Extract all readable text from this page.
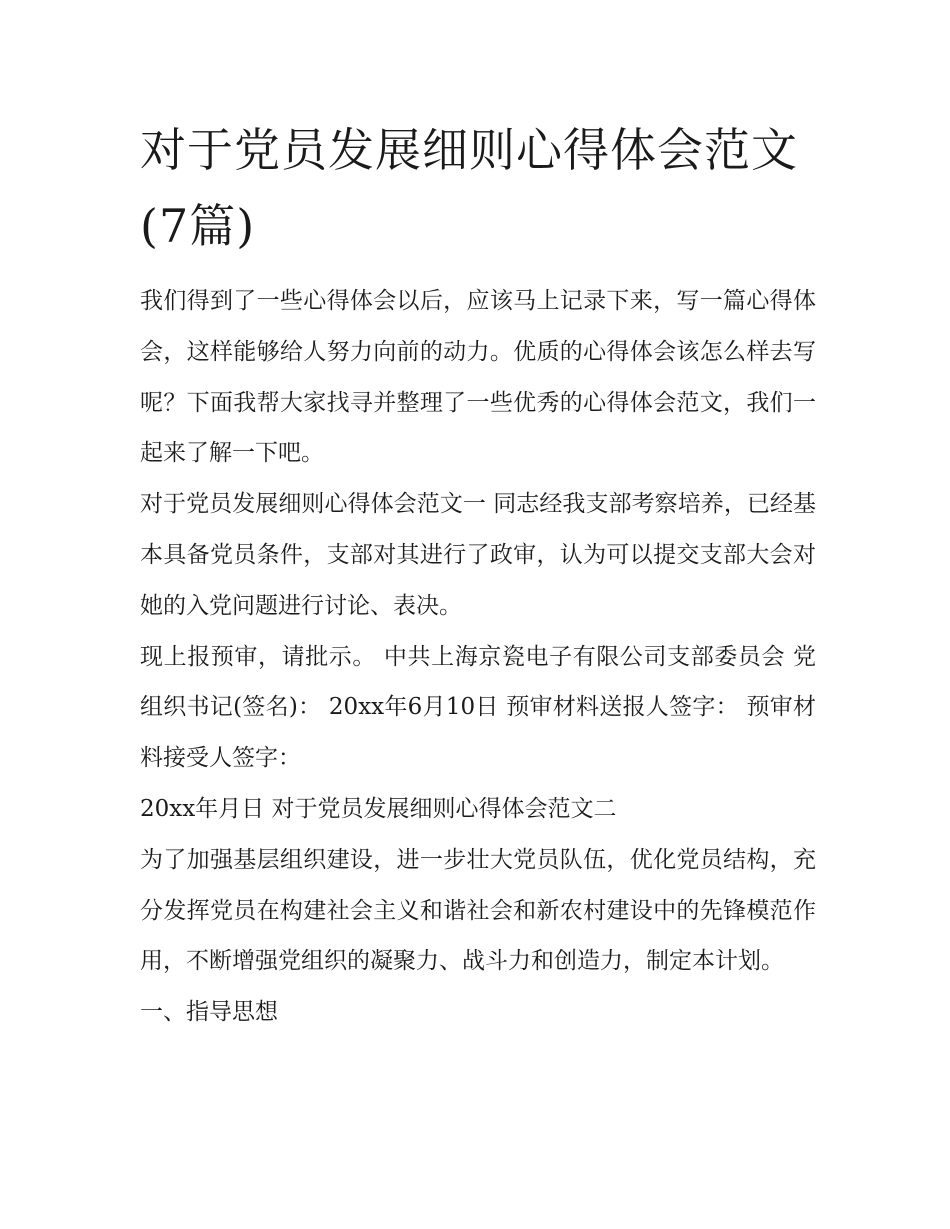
对于党员发展细则心得体会范文(7篇)

我们得到了一些心得体会以后，应该马上记录下来，写一篇心得体会，这样能够给人努力向前的动力。优质的心得体会该怎么样去写呢？下面我帮大家找寻并整理了一些优秀的心得体会范文，我们一起来了解一下吧。

对于党员发展细则心得体会范文一 同志经我支部考察培养，已经基本具备党员条件，支部对其进行了政审，认为可以提交支部大会对她的入党问题进行讨论、表决。

现上报预审，请批示。 中共上海京瓷电子有限公司支部委员会 党组织书记(签名)： 20xx年6月10日 预审材料送报人签字： 预审材料接受人签字：

20xx年月日 对于党员发展细则心得体会范文二

为了加强基层组织建设，进一步壮大党员队伍，优化党员结构，充分发挥党员在构建社会主义和谐社会和新农村建设中的先锋模范作用，不断增强党组织的凝聚力、战斗力和创造力，制定本计划。

一、指导思想
